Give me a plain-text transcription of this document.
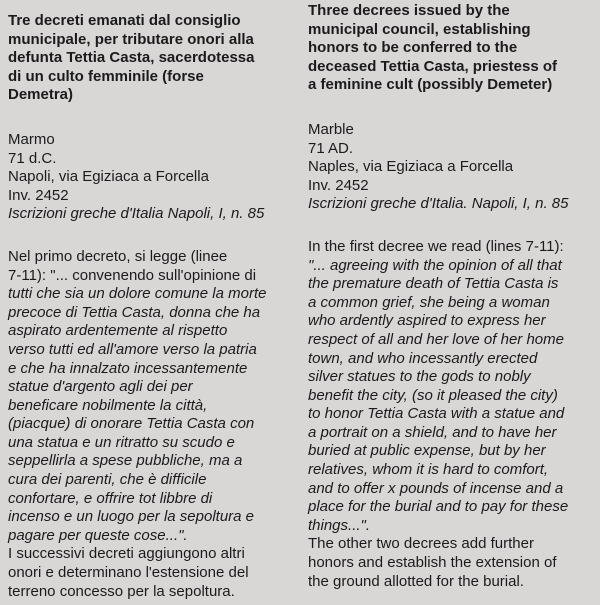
Tre decreti emanati dal consiglio
municipale, per tributare onori alla
defunta Tettia Casta, sacerdotessa
di un culto femminile (forse
Demetra)
Marmo
71 d.C.
Napoli, via Egiziaca a Forcella
Inv. 2452
Iscrizioni greche d'Italia Napoli, I, n. 85
Nel primo decreto, si legge (linee
7-11): "... convenendo sull'opinione di
tutti che sia un dolore comune la morte
precoce di Tettia Casta, donna che ha
aspirato ardentemente al rispetto
verso tutti ed all'amore verso la patria
e che ha innalzato incessantemente
statue d'argento agli dei per
beneficare nobilmente la città,
(piacque) di onorare Tettia Casta con
una statua e un ritratto su scudo e
seppellirla a spese pubbliche, ma a
cura dei parenti, che è difficile
confortare, e offrire tot libbre di
incenso e un luogo per la sepoltura e
pagare per queste cose...".
I successivi decreti aggiungono altri
onori e determinano l'estensione del
terreno concesso per la sepoltura.
Three decrees issued by the
municipal council, establishing
honors to be conferred to the
deceased Tettia Casta, priestess of
a feminine cult (possibly Demeter)
Marble
71 AD.
Naples, via Egiziaca a Forcella
Inv. 2452
Iscrizioni greche d'Italia. Napoli, I, n. 85
In the first decree we read (lines 7-11):
"... agreeing with the opinion of all that
the premature death of Tettia Casta is
a common grief, she being a woman
who ardently aspired to express her
respect of all and her love of her home
town, and who incessantly erected
silver statues to the gods to nobly
benefit the city, (so it pleased the city)
to honor Tettia Casta with a statue and
a portrait on a shield, and to have her
buried at public expense, but by her
relatives, whom it is hard to comfort,
and to offer x pounds of incense and a
place for the burial and to pay for these
things...".
The other two decrees add further
honors and establish the extension of
the ground allotted for the burial.
